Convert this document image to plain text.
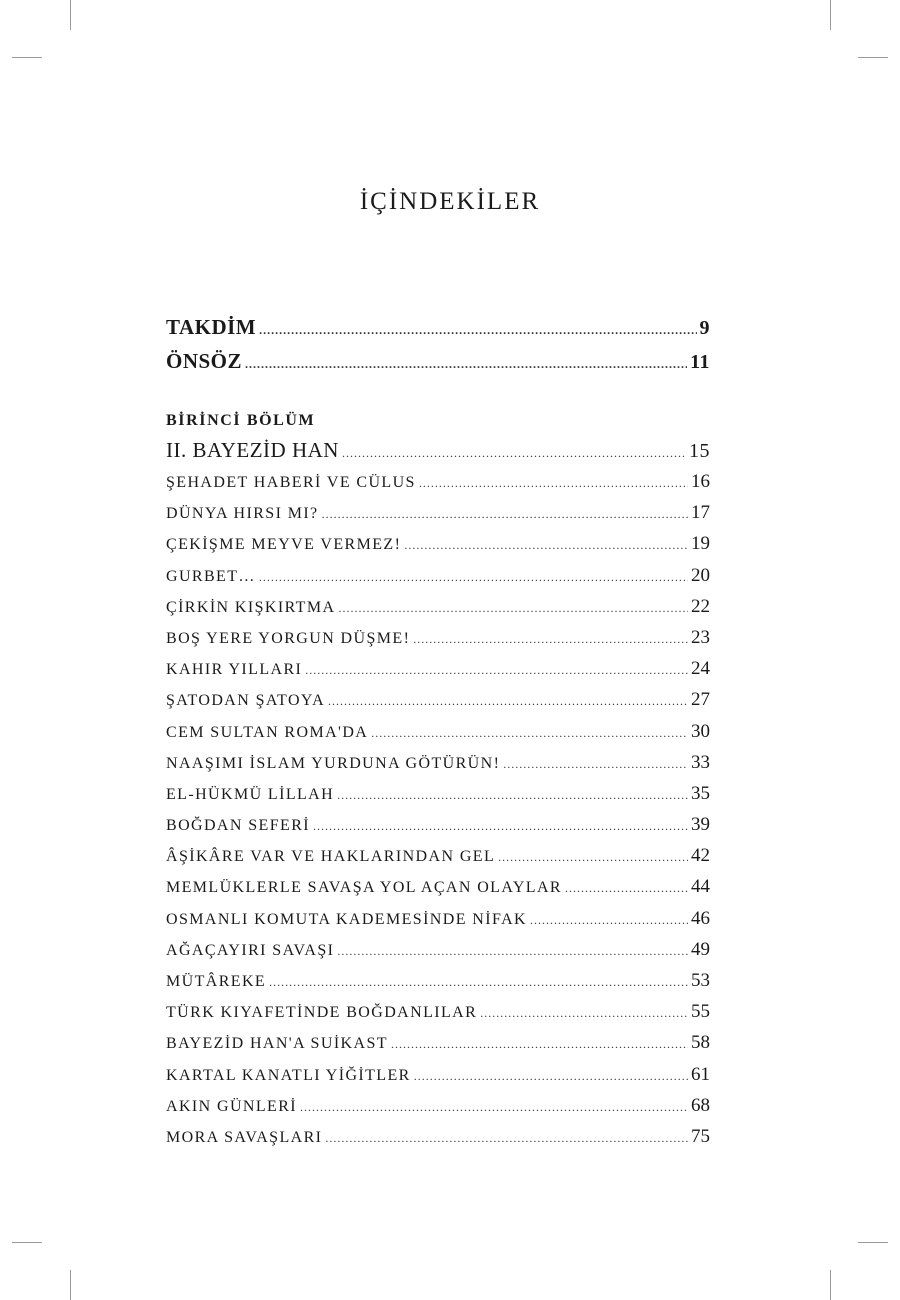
İÇİNDEKİLER
TAKDİM .....	9
ÖNSÖZ .....	11
BİRİNCİ BÖLÜM
II. BAYEZİD HAN .....	15
ŞEHADET HABERİ VE CÜLUS .....	16
DÜNYA HIRSI MI? .....	17
ÇEKİŞME MEYVE VERMEZ! .....	19
GURBET… .....	20
ÇİRKİN KIŞKIRTMA .....	22
BOŞ YERE YORGUN DÜŞME! .....	23
KAHIR YILLARI .....	24
ŞATODAN ŞATOYA .....	27
CEM SULTAN ROMA'DA .....	30
NAAŞIMI İSLAM YURDUNA GÖTÜRÜN! .....	33
EL-HÜKMÜ LİLLAH .....	35
BOĞDAN SEFERİ .....	39
ÂŞİKÂRE VAR VE HAKLARINDAN GEL .....	42
MEMLÜKLERLE SAVAŞA YOL AÇAN OLAYLAR .....	44
OSMANLI KOMUTA KADEMESİNDE NİFAK .....	46
AĞAÇAYIRI SAVAŞI .....	49
MÜTÂREKE .....	53
TÜRK KIYAFETİNDE BOĞDANLILAR .....	55
BAYEZİD HAN'A SUİKAST .....	58
KARTAL KANATLI YİĞİTLER .....	61
AKIN GÜNLERİ .....	68
MORA SAVAŞLARI .....	75
